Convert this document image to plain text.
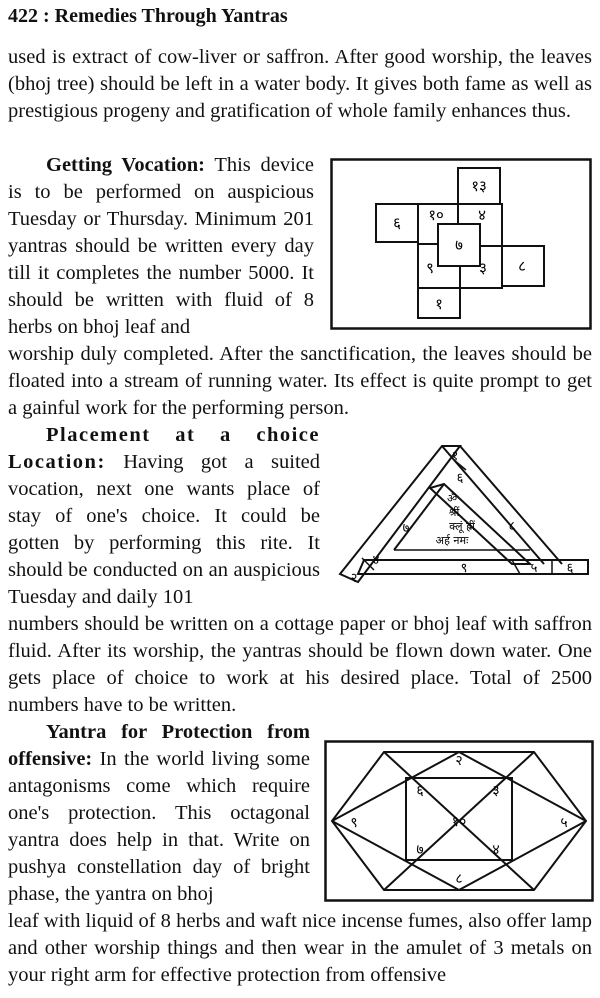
422 : Remedies Through Yantras

used is extract of cow-liver or saffron. After good worship, the leaves (bhoj tree) should be left in a water body. It gives both fame as well as prestigious progeny and gratification of whole family enhances thus.

Getting Vocation: This device is to be performed on auspicious Tuesday or Thursday. Minimum 201 yantras should be written every day till it completes the number 5000. It should be written with fluid of 8 herbs on bhoj leaf and

१३
६ १० ४
७
९	३ ८
१

worship duly completed. After the sanctification, the leaves should be floated into a stream of running water. Its effect is quite prompt to get a gainful work for the performing person.

Placement at a choice Location: Having got a suited vocation, next one wants place of stay of one's choice. It could be gotten by performing this rite. It should be conducted on an auspicious Tuesday and daily 101

१
६
७
४
२
८
९	५ ६
ॐ
श्रीं
क्लूं ह्रीं
अर्ह नमः

numbers should be written on a cottage paper or bhoj leaf with saffron fluid. After its worship, the yantras should be flown down water. One gets place of choice to work at his desired place. Total of 2500 numbers have to be written.

Yantra for Protection from offensive: In the world living some antagonisms come which require one's protection. This octagonal yantra does help in that. Write on pushya constellation day of bright phase, the yantra on bhoj

२
९	५
८
६	३
७	४
१०

leaf with liquid of 8 herbs and waft nice incense fumes, also offer lamp and other worship things and then wear in the amulet of 3 metals on your right arm for effective protection from offensive
